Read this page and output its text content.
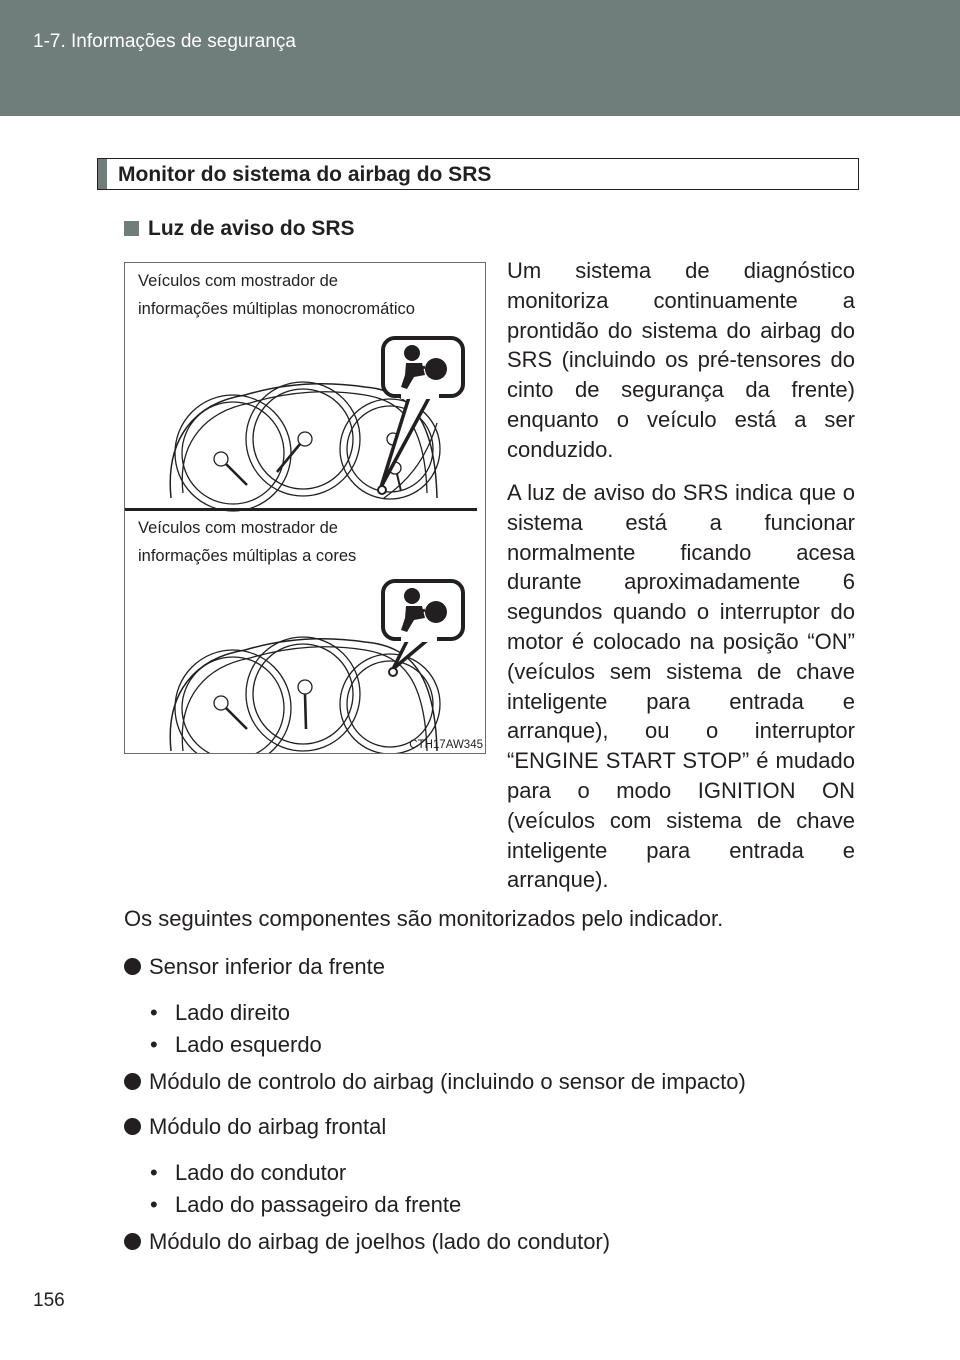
1-7. Informações de segurança
Monitor do sistema do airbag do SRS
Luz de aviso do SRS
Veículos com mostrador de
informações múltiplas monocromático
Veículos com mostrador de
informações múltiplas a cores
CTH17AW345

Um sistema de diagnóstico monitoriza continuamente a prontidão do sistema do airbag do SRS (incluindo os pré-tensores do cinto de segurança da frente) enquanto o veículo está a ser conduzido.

A luz de aviso do SRS indica que o sistema está a funcionar normalmente ficando acesa durante aproximadamente 6 segundos quando o interruptor do motor é colocado na posição “ON” (veículos sem sistema de chave inteligente para entrada e arranque), ou o interruptor “ENGINE START STOP” é mudado para o modo IGNITION ON (veículos com sistema de chave inteligente para entrada e arranque).

Os seguintes componentes são monitorizados pelo indicador.

Sensor inferior da frente
• Lado direito
• Lado esquerdo
Módulo de controlo do airbag (incluindo o sensor de impacto)
Módulo do airbag frontal
• Lado do condutor
• Lado do passageiro da frente
Módulo do airbag de joelhos (lado do condutor)
156
